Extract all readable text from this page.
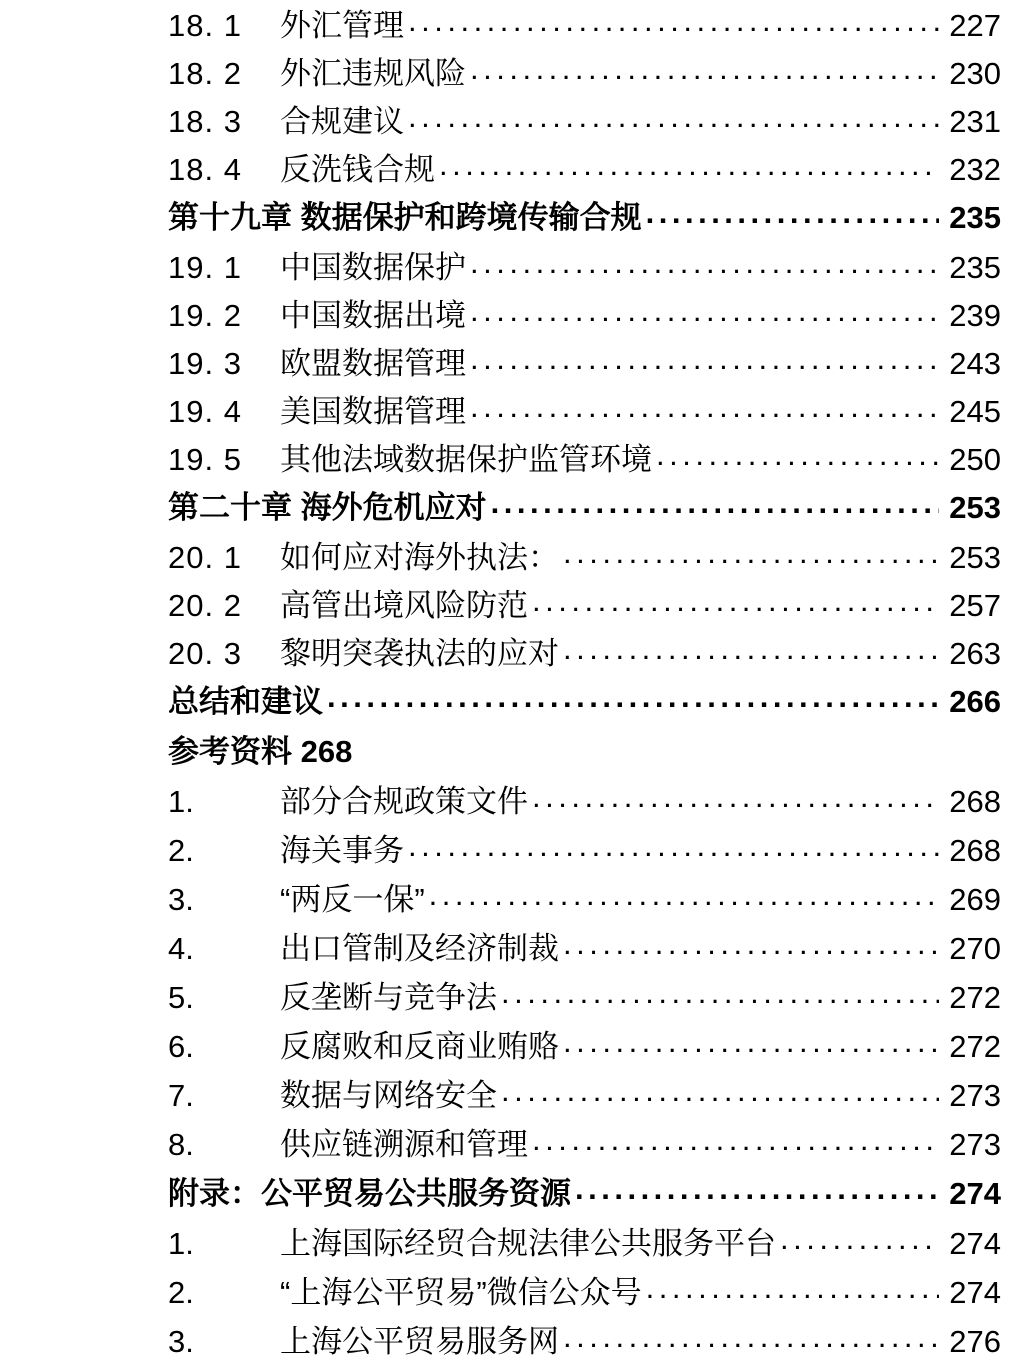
18. 1	外汇管理 .....	227
18. 2	外汇违规风险 .....	230
18. 3	合规建议 .....	231
18. 4	反洗钱合规 .....	232
第十九章 数据保护和跨境传输合规 .....	235
19. 1	中国数据保护 .....	235
19. 2	中国数据出境 .....	239
19. 3	欧盟数据管理 .....	243
19. 4	美国数据管理 .....	245
19. 5	其他法域数据保护监管环境 .....	250
第二十章 海外危机应对 .....	253
20. 1	如何应对海外执法： .....	253
20. 2	高管出境风险防范 .....	257
20. 3	黎明突袭执法的应对 .....	263
总结和建议 .....	266
参考资料 268
1.	部分合规政策文件 .....	268
2.	海关事务 .....	268
3.	“两反一保” .....	269
4.	出口管制及经济制裁 .....	270
5.	反垄断与竞争法 .....	272
6.	反腐败和反商业贿赂 .....	272
7.	数据与网络安全 .....	273
8.	供应链溯源和管理 .....	273
附录：公平贸易公共服务资源 .....	274
1.	上海国际经贸合规法律公共服务平台 .....	274
2.	“上海公平贸易”微信公众号 .....	274
3.	上海公平贸易服务网 .....	276
